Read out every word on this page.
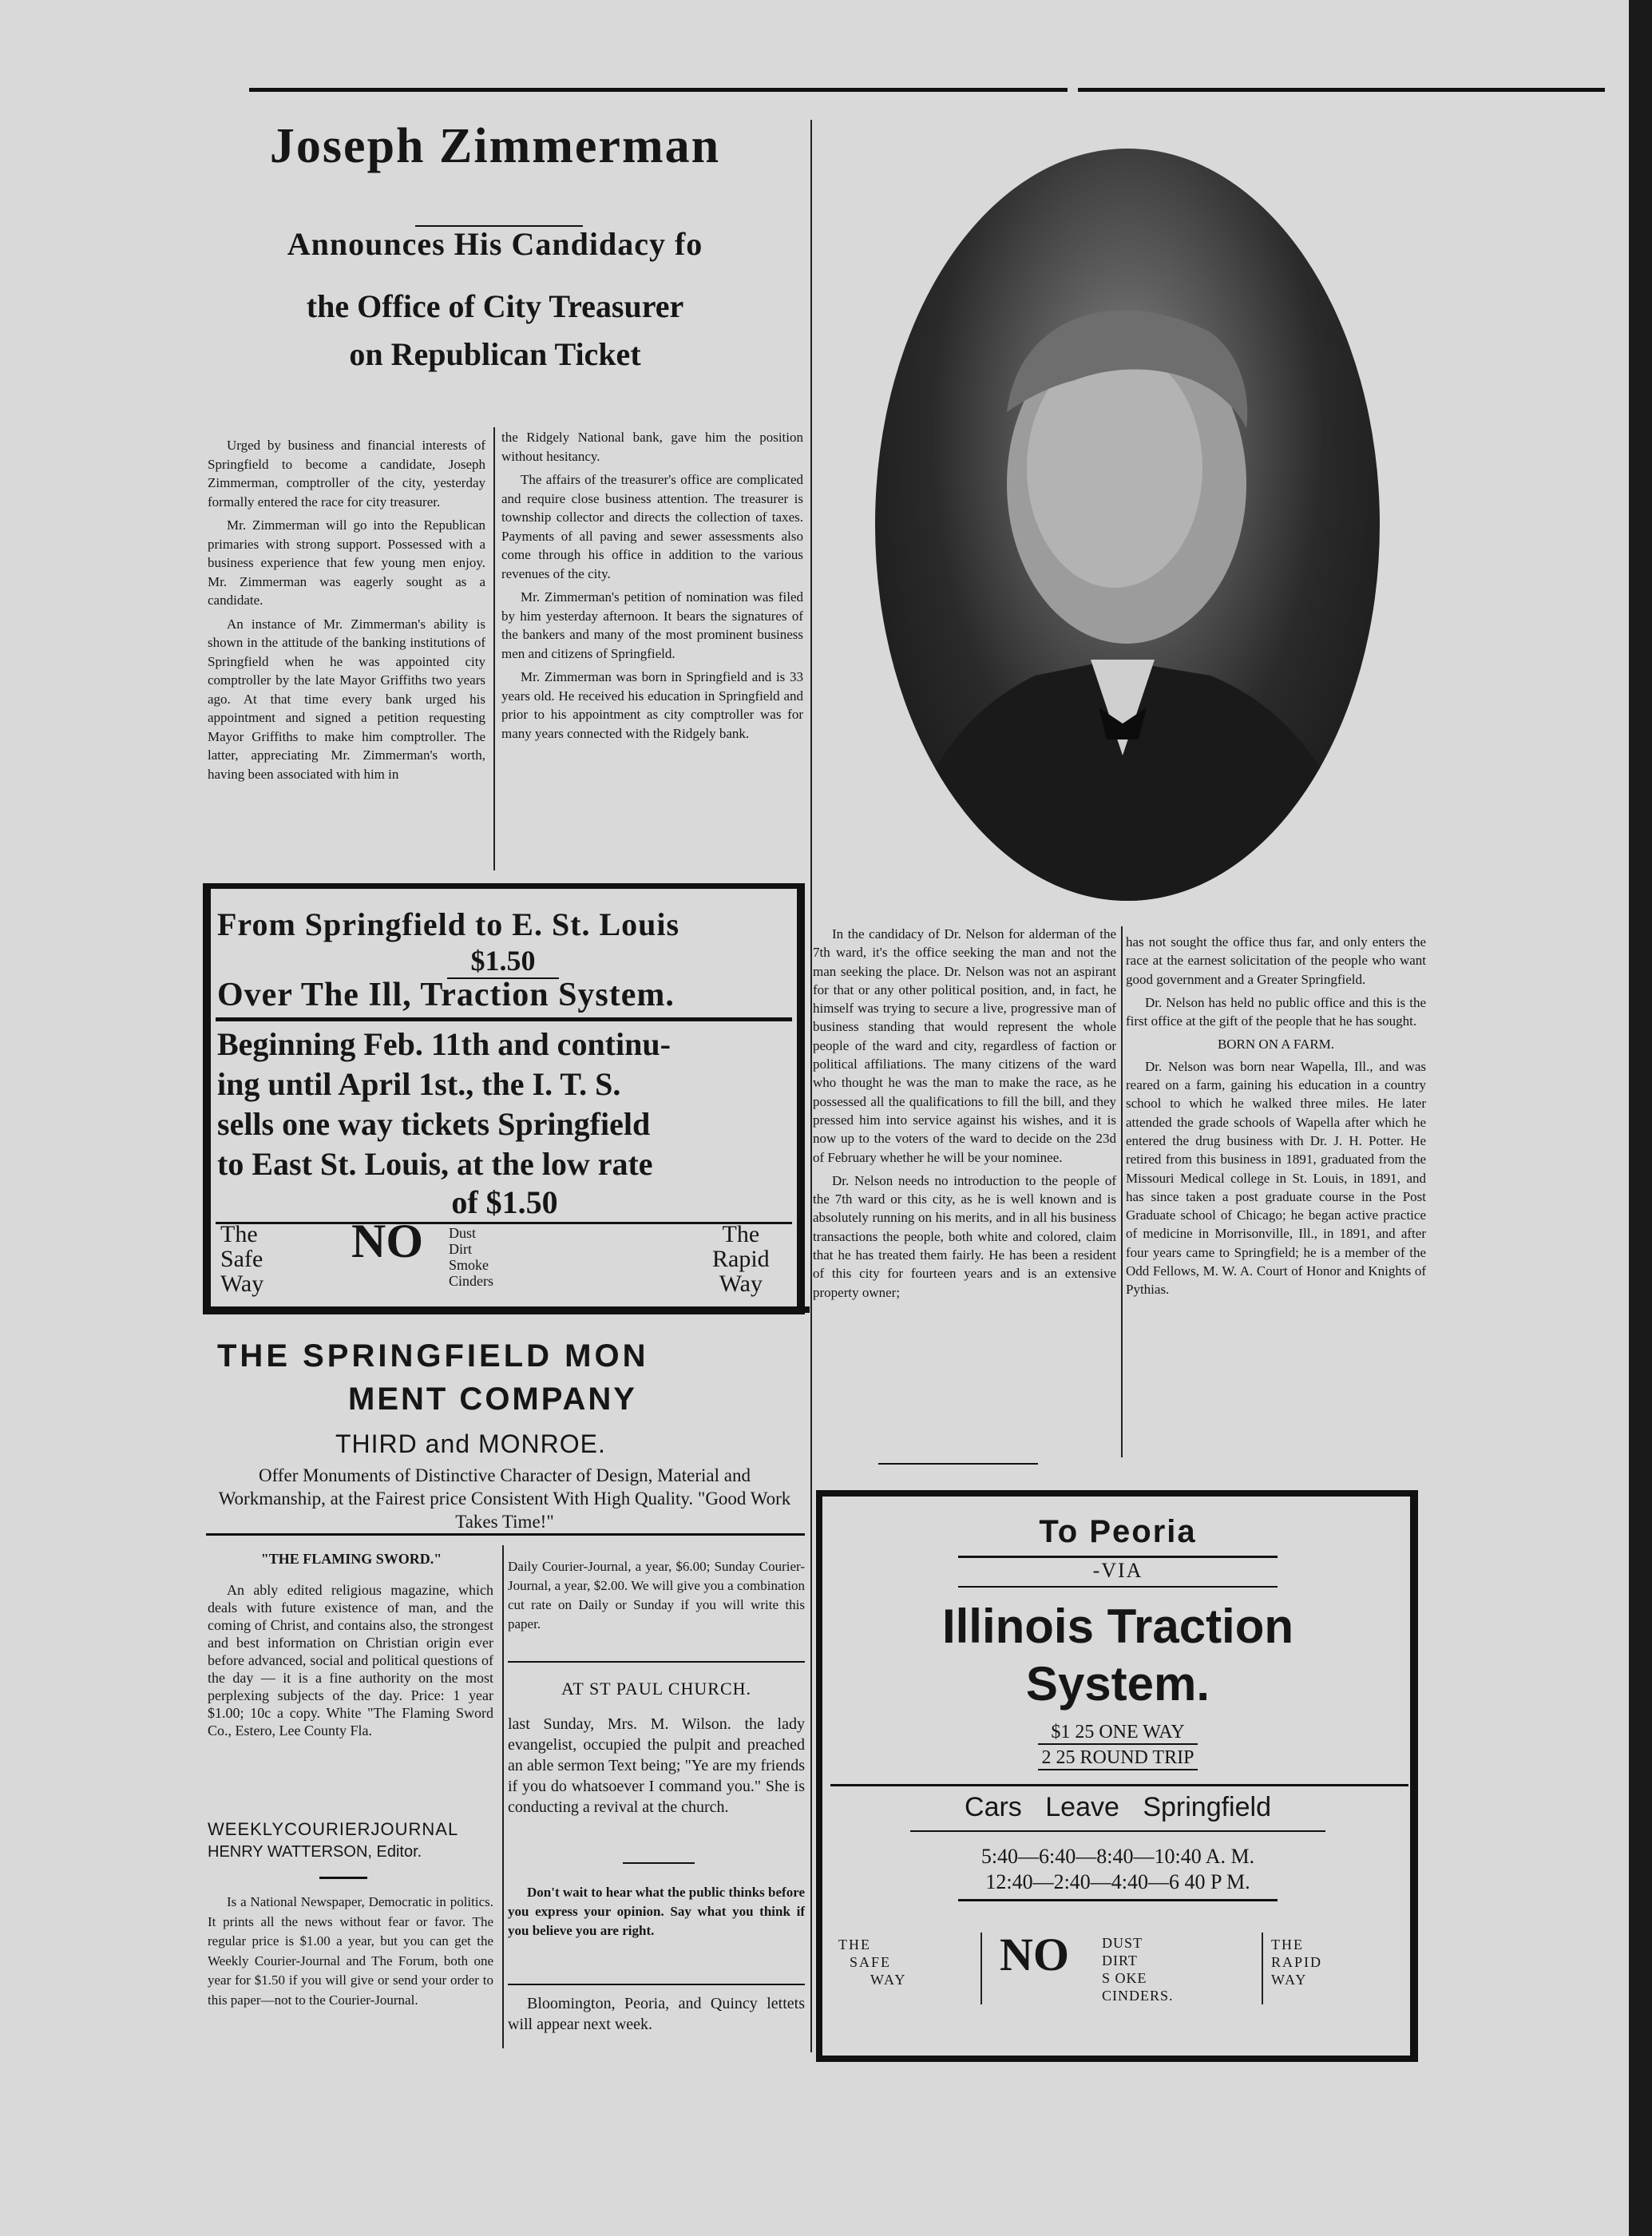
Joseph Zimmerman
Announces His Candidacy fo
the Office of City Treasurer
on Republican Ticket

Urged by business and financial interests of Springfield to become a candidate, Joseph Zimmerman, comptroller of the city, yesterday formally entered the race for city treasurer.

Mr. Zimmerman will go into the Republican primaries with strong support. Possessed with a business experience that few young men enjoy. Mr. Zimmerman was eagerly sought as a candidate.

An instance of Mr. Zimmerman's ability is shown in the attitude of the banking institutions of Springfield when he was appointed city comptroller by the late Mayor Griffiths two years ago. At that time every bank urged his appointment and signed a petition requesting Mayor Griffiths to make him comptroller. The latter, appreciating Mr. Zimmerman's worth, having been associated with him in

the Ridgely National bank, gave him the position without hesitancy.

The affairs of the treasurer's office are complicated and require close business attention. The treasurer is township collector and directs the collection of taxes. Payments of all paving and sewer assessments also come through his office in addition to the various revenues of the city.

Mr. Zimmerman's petition of nomination was filed by him yesterday afternoon. It bears the signatures of the bankers and many of the most prominent business men and citizens of Springfield.

Mr. Zimmerman was born in Springfield and is 33 years old. He received his education in Springfield and prior to his appointment as city comptroller was for many years connected with the Ridgely bank.

From Springfield to E. St. Louis
$1.50
Over The Ill, Traction System.
Beginning Feb. 11th and continu-
ing until April 1st., the I. T. S.
sells one way tickets Springfield
to East St. Louis, at the low rate
of $1.50
The
Safe
Way
NO Dust
Dirt
Smoke
Cinders
The
Rapid
Way
THE SPRINGFIELD MON
MENT COMPANY
THIRD and MONROE.
Offer Monuments of Distinctive Character of Design, Material and Workmanship, at the Fairest price Consistent With High Quality. "Good Work Takes Time!"
"THE FLAMING SWORD."
An ably edited religious magazine, which deals with future existence of man, and the coming of Christ, and contains also, the strongest and best information on Christian origin ever before advanced, social and political questions of the day — it is a fine authority on the most perplexing subjects of the day. Price: 1 year $1.00; 10c a copy. White "The Flaming Sword Co., Estero, Lee County Fla.
WEEKLYCOURIERJOURNAL
HENRY WATTERSON, Editor.
Is a National Newspaper, Democratic in politics. It prints all the news without fear or favor. The regular price is $1.00 a year, but you can get the Weekly Courier-Journal and The Forum, both one year for $1.50 if you will give or send your order to this paper—not to the Courier-Journal.
Daily Courier-Journal, a year, $6.00; Sunday Courier-Journal, a year, $2.00. We will give you a combination cut rate on Daily or Sunday if you will write this paper.
AT ST PAUL CHURCH.
last Sunday, Mrs. M. Wilson. the lady evangelist, occupied the pulpit and preached an able sermon Text being; "Ye are my friends if you do whatsoever I command you." She is conducting a revival at the church.
Don't wait to hear what the public thinks before you express your opinion. Say what you think if you believe you are right.
Bloomington, Peoria, and Quincy lettets will appear next week.

In the candidacy of Dr. Nelson for alderman of the 7th ward, it's the office seeking the man and not the man seeking the place. Dr. Nelson was not an aspirant for that or any other political position, and, in fact, he himself was trying to secure a live, progressive man of business standing that would represent the whole people of the ward and city, regardless of faction or political affiliations. The many citizens of the ward who thought he was the man to make the race, as he possessed all the qualifications to fill the bill, and they pressed him into service against his wishes, and it is now up to the voters of the ward to decide on the 23d of February whether he will be your nominee.

Dr. Nelson needs no introduction to the people of the 7th ward or this city, as he is well known and is absolutely running on his merits, and in all his business transactions the people, both white and colored, claim that he has treated them fairly. He has been a resident of this city for fourteen years and is an extensive property owner;

has not sought the office thus far, and only enters the race at the earnest solicitation of the people who want good government and a Greater Springfield.

Dr. Nelson has held no public office and this is the first office at the gift of the people that he has sought.

BORN ON A FARM.

Dr. Nelson was born near Wapella, Ill., and was reared on a farm, gaining his education in a country school to which he walked three miles. He later attended the grade schools of Wapella after which he entered the drug business with Dr. J. H. Potter. He retired from this business in 1891, graduated from the Missouri Medical college in St. Louis, in 1891, and has since taken a post graduate course in the Post Graduate school of Chicago; he began active practice of medicine in Morrisonville, Ill., in 1891, and after four years came to Springfield; he is a member of the Odd Fellows, M. W. A. Court of Honor and Knights of Pythias.

To Peoria
-VIA
Illinois Traction
System.
$1 25 ONE WAY
2 25 ROUND TRIP
Cars Leave Springfield
5:40—6:40—8:40—10:40 A. M.
12:40—2:40—4:40—6 40 P M.
THE
SAFE
WAY NO DUST
DIRT
S OKE
CINDERS.
THE
RAPID
WAY
